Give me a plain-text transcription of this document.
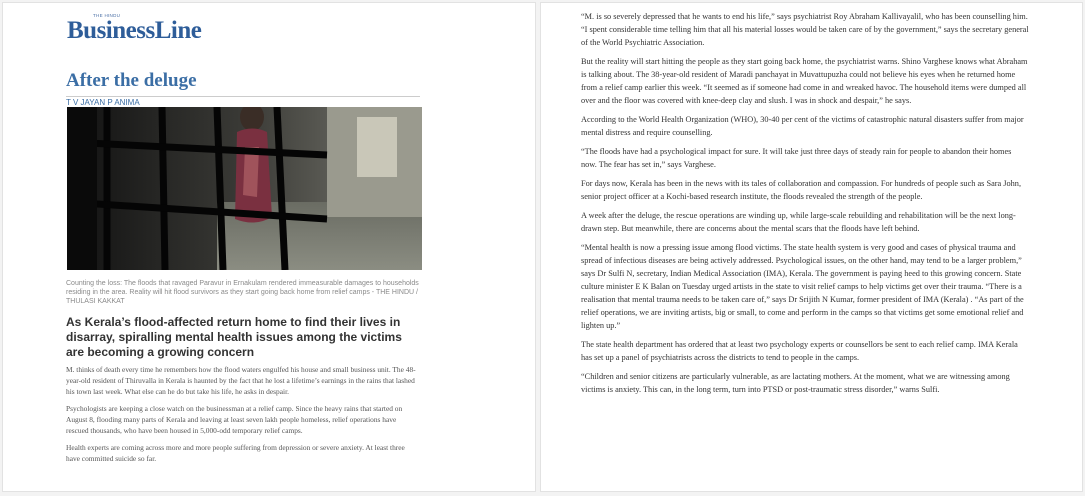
THE HINDU
BusinessLine
After the deluge
T V JAYAN P ANIMA
Counting the loss: The floods that ravaged Paravur in Ernakulam rendered immeasurable damages to households residing in the area. Reality will hit flood survivors as they start going back home from relief camps - THE HINDU / THULASI KAKKAT
As Kerala’s flood-affected return home to find their lives in disarray, spiralling mental health issues among the victims are becoming a growing concern

M. thinks of death every time he remembers how the flood waters engulfed his house and small business unit. The 48-year-old resident of Thiruvalla in Kerala is haunted by the fact that he lost a lifetime’s earnings in the rains that lashed his town last week. What else can he do but take his life, he asks in despair.

Psychologists are keeping a close watch on the businessman at a relief camp. Since the heavy rains that started on August 8, flooding many parts of Kerala and leaving at least seven lakh people homeless, relief operations have rescued thousands, who have been housed in 5,000-odd temporary relief camps.

Health experts are coming across more and more people suffering from depression or severe anxiety. At least three have committed suicide so far.

“M. is so severely depressed that he wants to end his life,” says psychiatrist Roy Abraham Kallivayalil, who has been counselling him. “I spent considerable time telling him that all his material losses would be taken care of by the government,” says the secretary general of the World Psychiatric Association.

But the reality will start hitting the people as they start going back home, the psychiatrist warns. Shino Varghese knows what Abraham is talking about. The 38-year-old resident of Maradi panchayat in Muvattupuzha could not believe his eyes when he returned home from a relief camp earlier this week. “It seemed as if someone had come in and wreaked havoc. The household items were dumped all over and the floor was covered with knee-deep clay and slush. I was in shock and despair,” he says.

According to the World Health Organization (WHO), 30-40 per cent of the victims of catastrophic natural disasters suffer from major mental distress and require counselling.

“The floods have had a psychological impact for sure. It will take just three days of steady rain for people to abandon their homes now. The fear has set in,” says Varghese.

For days now, Kerala has been in the news with its tales of collaboration and compassion. For hundreds of people such as Sara John, senior project officer at a Kochi-based research institute, the floods revealed the strength of the people.

A week after the deluge, the rescue operations are winding up, while large-scale rebuilding and rehabilitation will be the next long-drawn step. But meanwhile, there are concerns about the mental scars that the floods have left behind.

“Mental health is now a pressing issue among flood victims. The state health system is very good and cases of physical trauma and spread of infectious diseases are being actively addressed. Psychological issues, on the other hand, may tend to be a larger problem,” says Dr Sulfi N, secretary, Indian Medical Association (IMA), Kerala. The government is paying heed to this growing concern. State culture minister E K Balan on Tuesday urged artists in the state to visit relief camps to help victims get over their trauma. “There is a realisation that mental trauma needs to be taken care of,” says Dr Srijith N Kumar, former president of IMA (Kerala) . “As part of the relief operations, we are inviting artists, big or small, to come and perform in the camps so that victims get some emotional relief and lighten up.”

The state health department has ordered that at least two psychology experts or counsellors be sent to each relief camp. IMA Kerala has set up a panel of psychiatrists across the districts to tend to people in the camps.

“Children and senior citizens are particularly vulnerable, as are lactating mothers. At the moment, what we are witnessing among victims is anxiety. This can, in the long term, turn into PTSD or post-traumatic stress disorder,” warns Sulfi.
